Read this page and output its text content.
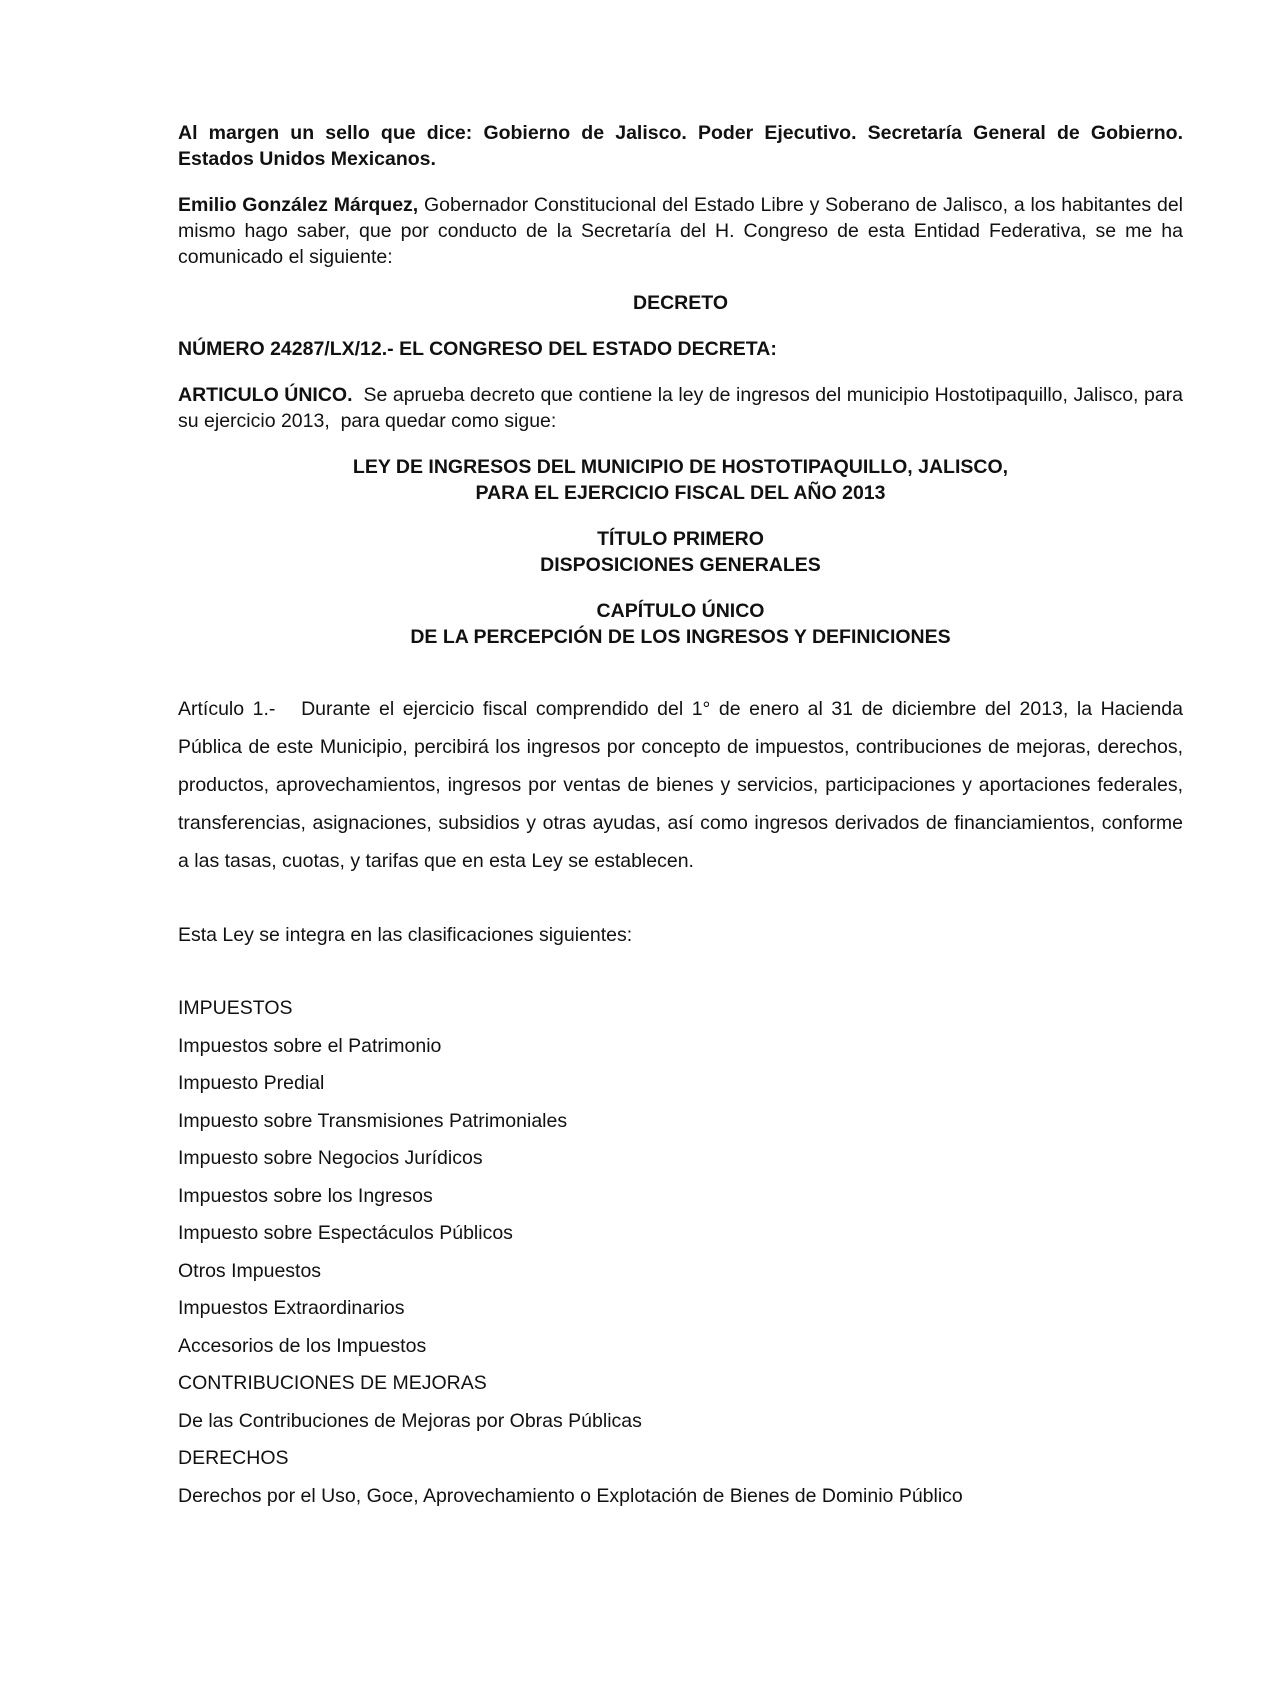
Al margen un sello que dice: Gobierno de Jalisco. Poder Ejecutivo. Secretaría General de Gobierno. Estados Unidos Mexicanos.

Emilio González Márquez, Gobernador Constitucional del Estado Libre y Soberano de Jalisco, a los habitantes del mismo hago saber, que por conducto de la Secretaría del H. Congreso de esta Entidad Federativa, se me ha comunicado el siguiente:

DECRETO

NÚMERO 24287/LX/12.- EL CONGRESO DEL ESTADO DECRETA:

ARTICULO ÚNICO.  Se aprueba decreto que contiene la ley de ingresos del municipio Hostotipaquillo, Jalisco, para su ejercicio 2013,  para quedar como sigue:

LEY DE INGRESOS DEL MUNICIPIO DE HOSTOTIPAQUILLO, JALISCO,

PARA EL EJERCICIO FISCAL DEL AÑO 2013

TÍTULO PRIMERO

DISPOSICIONES GENERALES

CAPÍTULO ÚNICO

DE LA PERCEPCIÓN DE LOS INGRESOS Y DEFINICIONES

Artículo 1.-   Durante el ejercicio fiscal comprendido del 1° de enero al 31 de diciembre del 2013, la Hacienda Pública de este Municipio, percibirá los ingresos por concepto de impuestos, contribuciones de mejoras, derechos, productos, aprovechamientos, ingresos por ventas de bienes y servicios, participaciones y aportaciones federales, transferencias, asignaciones, subsidios y otras ayudas, así como ingresos derivados de financiamientos, conforme a las tasas, cuotas, y tarifas que en esta Ley se establecen.

Esta Ley se integra en las clasificaciones siguientes:

IMPUESTOS
Impuestos sobre el Patrimonio
Impuesto Predial
Impuesto sobre Transmisiones Patrimoniales
Impuesto sobre Negocios Jurídicos
Impuestos sobre los Ingresos
Impuesto sobre Espectáculos Públicos
Otros Impuestos
Impuestos Extraordinarios
Accesorios de los Impuestos
CONTRIBUCIONES DE MEJORAS
De las Contribuciones de Mejoras por Obras Públicas
DERECHOS
Derechos por el Uso, Goce, Aprovechamiento o Explotación de Bienes de Dominio Público
